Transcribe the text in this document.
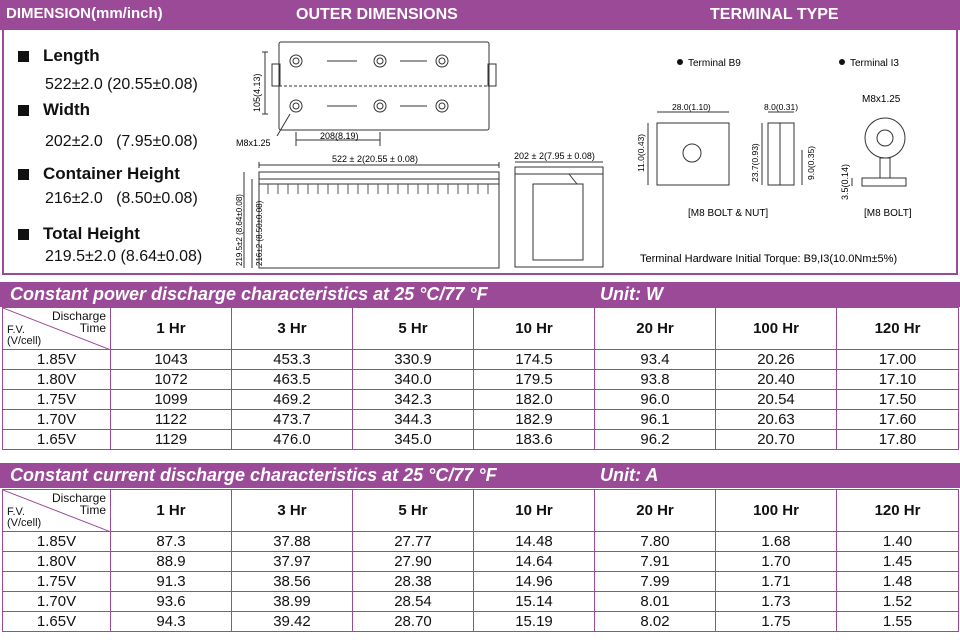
DIMENSION(mm/inch)	OUTER DIMENSIONS	TERMINAL TYPE
Length
522±2.0 (20.55±0.08)
Width
202±2.0 (7.95±0.08)
Container Height
216±2.0 (8.50±0.08)
Total Height
219.5±2.0 (8.64±0.08)
105(4.13)
M8x1.25
208(8.19)
522 ± 2(20.55 ± 0.08)	202 ± 2(7.95 ± 0.08)
219.5±2 (8.64±0.08) 216±2 (8.50±0.08)
Terminal B9	Terminal I3
28.0(1.10)	8.0(0.31)
11.0(0.43)	23.7(0.93)	9.0(0.35)
[M8 BOLT & NUT]
M8x1.25
3.5(0.14)
[M8 BOLT]
Terminal Hardware Initial Torque: B9,I3(10.0Nm±5%)
Constant power discharge characteristics at 25 °C/77 °F	Unit: W
Discharge
Time
F.V.
(V/cell)	1 Hr	3 Hr	5 Hr	10 Hr	20 Hr	100 Hr	120 Hr
1.85V	1043	453.3	330.9	174.5	93.4	20.26	17.00
1.80V	1072	463.5	340.0	179.5	93.8	20.40	17.10
1.75V	1099	469.2	342.3	182.0	96.0	20.54	17.50
1.70V	1122	473.7	344.3	182.9	96.1	20.63	17.60
1.65V	1129	476.0	345.0	183.6	96.2	20.70	17.80
Constant current discharge characteristics at 25 °C/77 °F	Unit: A
Discharge
Time
F.V.
(V/cell)	1 Hr	3 Hr	5 Hr	10 Hr	20 Hr	100 Hr	120 Hr
1.85V	87.3	37.88	27.77	14.48	7.80	1.68	1.40
1.80V	88.9	37.97	27.90	14.64	7.91	1.70	1.45
1.75V	91.3	38.56	28.38	14.96	7.99	1.71	1.48
1.70V	93.6	38.99	28.54	15.14	8.01	1.73	1.52
1.65V	94.3	39.42	28.70	15.19	8.02	1.75	1.55
